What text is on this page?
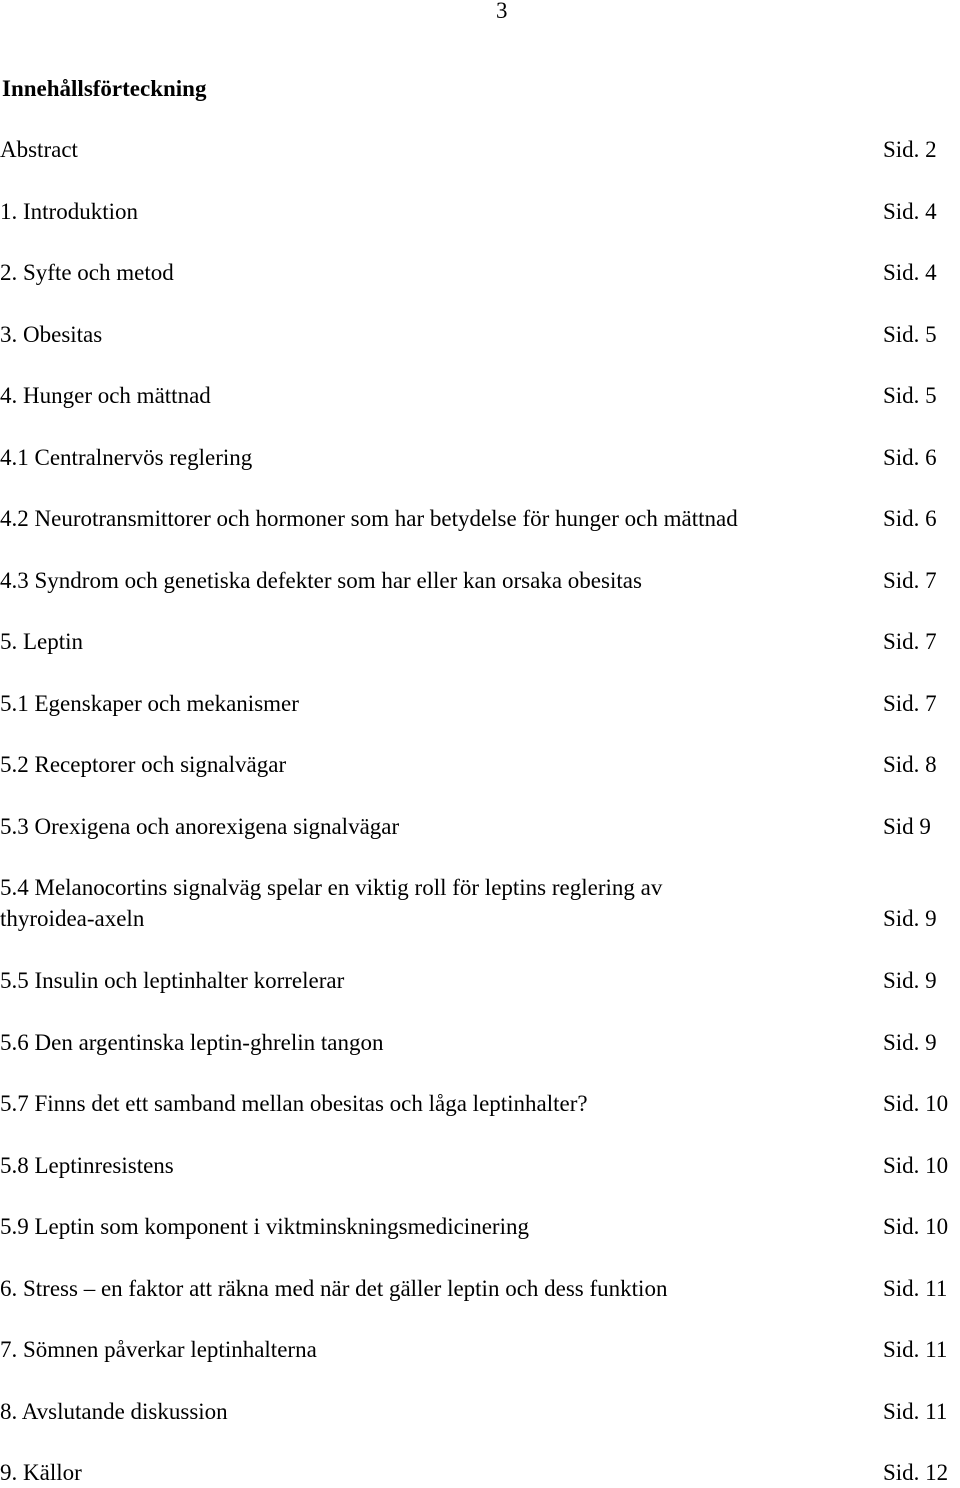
3
Innehållsförteckning
Abstract	Sid. 2
1. Introduktion	Sid. 4
2. Syfte och metod	Sid. 4
3. Obesitas	Sid. 5
4. Hunger och mättnad	Sid. 5
4.1 Centralnervös reglering	Sid. 6
4.2 Neurotransmittorer och hormoner som har betydelse för hunger och mättnad	Sid. 6
4.3 Syndrom och genetiska defekter som har eller kan orsaka obesitas	Sid. 7
5. Leptin	Sid. 7
5.1 Egenskaper och mekanismer	Sid. 7
5.2 Receptorer och signalvägar	Sid. 8
5.3 Orexigena och anorexigena signalvägar	Sid 9
5.4 Melanocortins signalväg spelar en viktig roll för leptins reglering av
thyroidea-axeln	Sid. 9
5.5 Insulin och leptinhalter korrelerar	Sid. 9
5.6 Den argentinska leptin-ghrelin tangon	Sid. 9
5.7 Finns det ett samband mellan obesitas och låga leptinhalter?	Sid. 10
5.8 Leptinresistens	Sid. 10
5.9 Leptin som komponent i viktminskningsmedicinering	Sid. 10
6. Stress – en faktor att räkna med när det gäller leptin och dess funktion	Sid. 11
7. Sömnen påverkar leptinhalterna	Sid. 11
8. Avslutande diskussion	Sid. 11
9. Källor	Sid. 12
